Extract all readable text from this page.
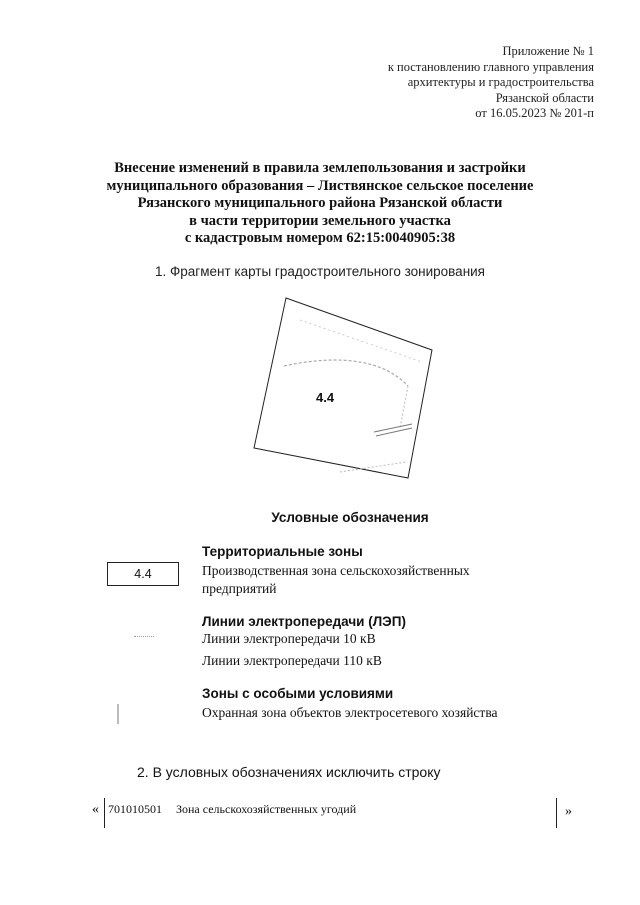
Приложение № 1
к постановлению главного управления
архитектуры и градостроительства
Рязанской области
от 16.05.2023 № 201-п
Внесение изменений в правила землепользования и застройки
муниципального образования – Листвянское сельское поселение
Рязанского муниципального района Рязанской области
в части территории земельного участка
с кадастровым номером 62:15:0040905:38
1. Фрагмент карты градостроительного зонирования
4.4
Условные обозначения
Территориальные зоны
4.4	Производственная зона сельскохозяйственных
предприятий
Линии электропередачи (ЛЭП)
Линии электропередачи 10 кВ
Линии электропередачи 110 кВ
Зоны с особыми условиями
Охранная зона объектов электросетевого хозяйства
2. В условных обозначениях исключить строку
« 701010501 Зона сельскохозяйственных угодий	»
